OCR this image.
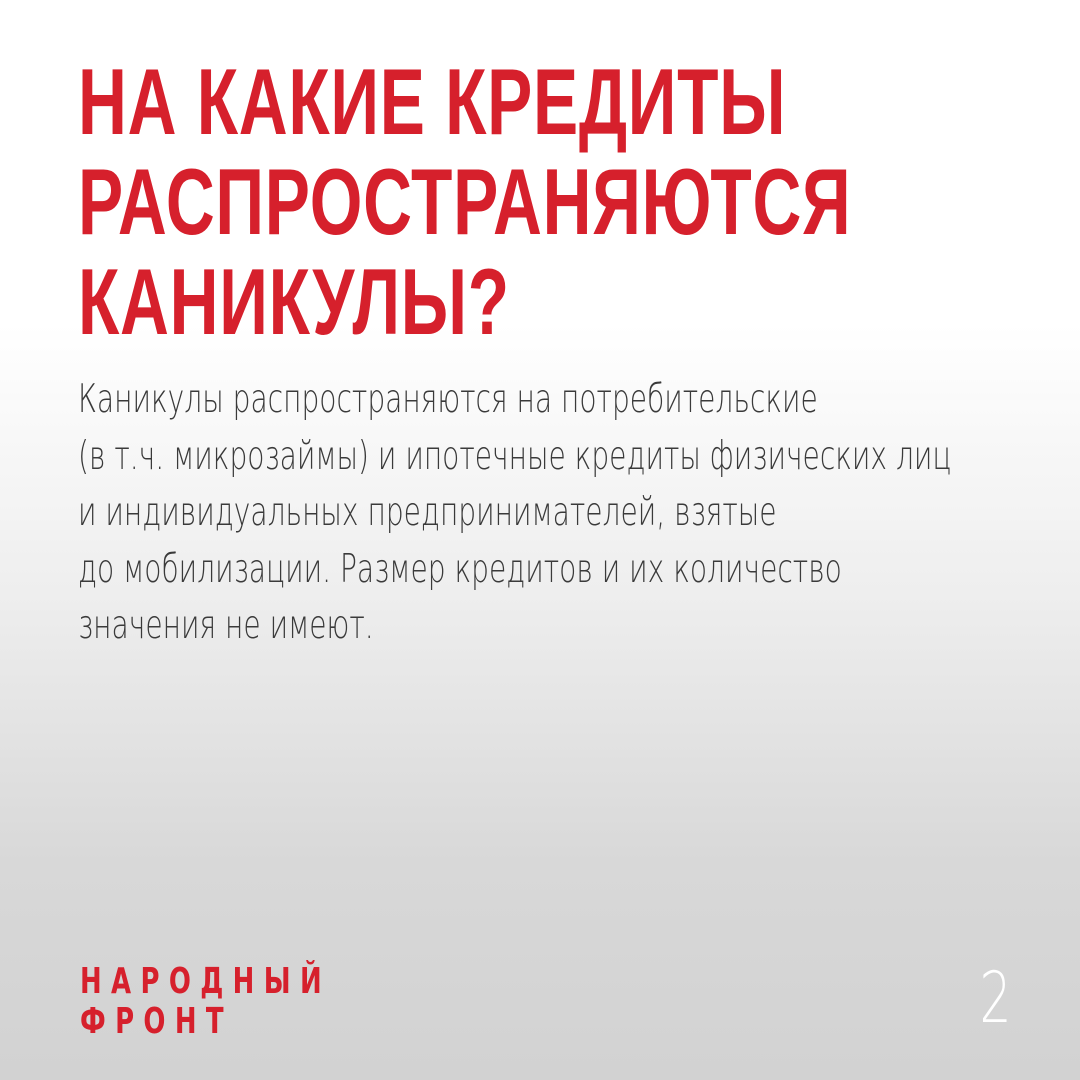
НА КАКИЕ КРЕДИТЫ
РАСПРОСТРАНЯЮТСЯ
КАНИКУЛЫ?

Каникулы распространяются на потребительские
(в т.ч. микрозаймы) и ипотечные кредиты физических лиц
и индивидуальных предпринимателей, взятые
до мобилизации. Размер кредитов и их количество
значения не имеют.

НАРОДНЫЙ
ФРОНТ	2
